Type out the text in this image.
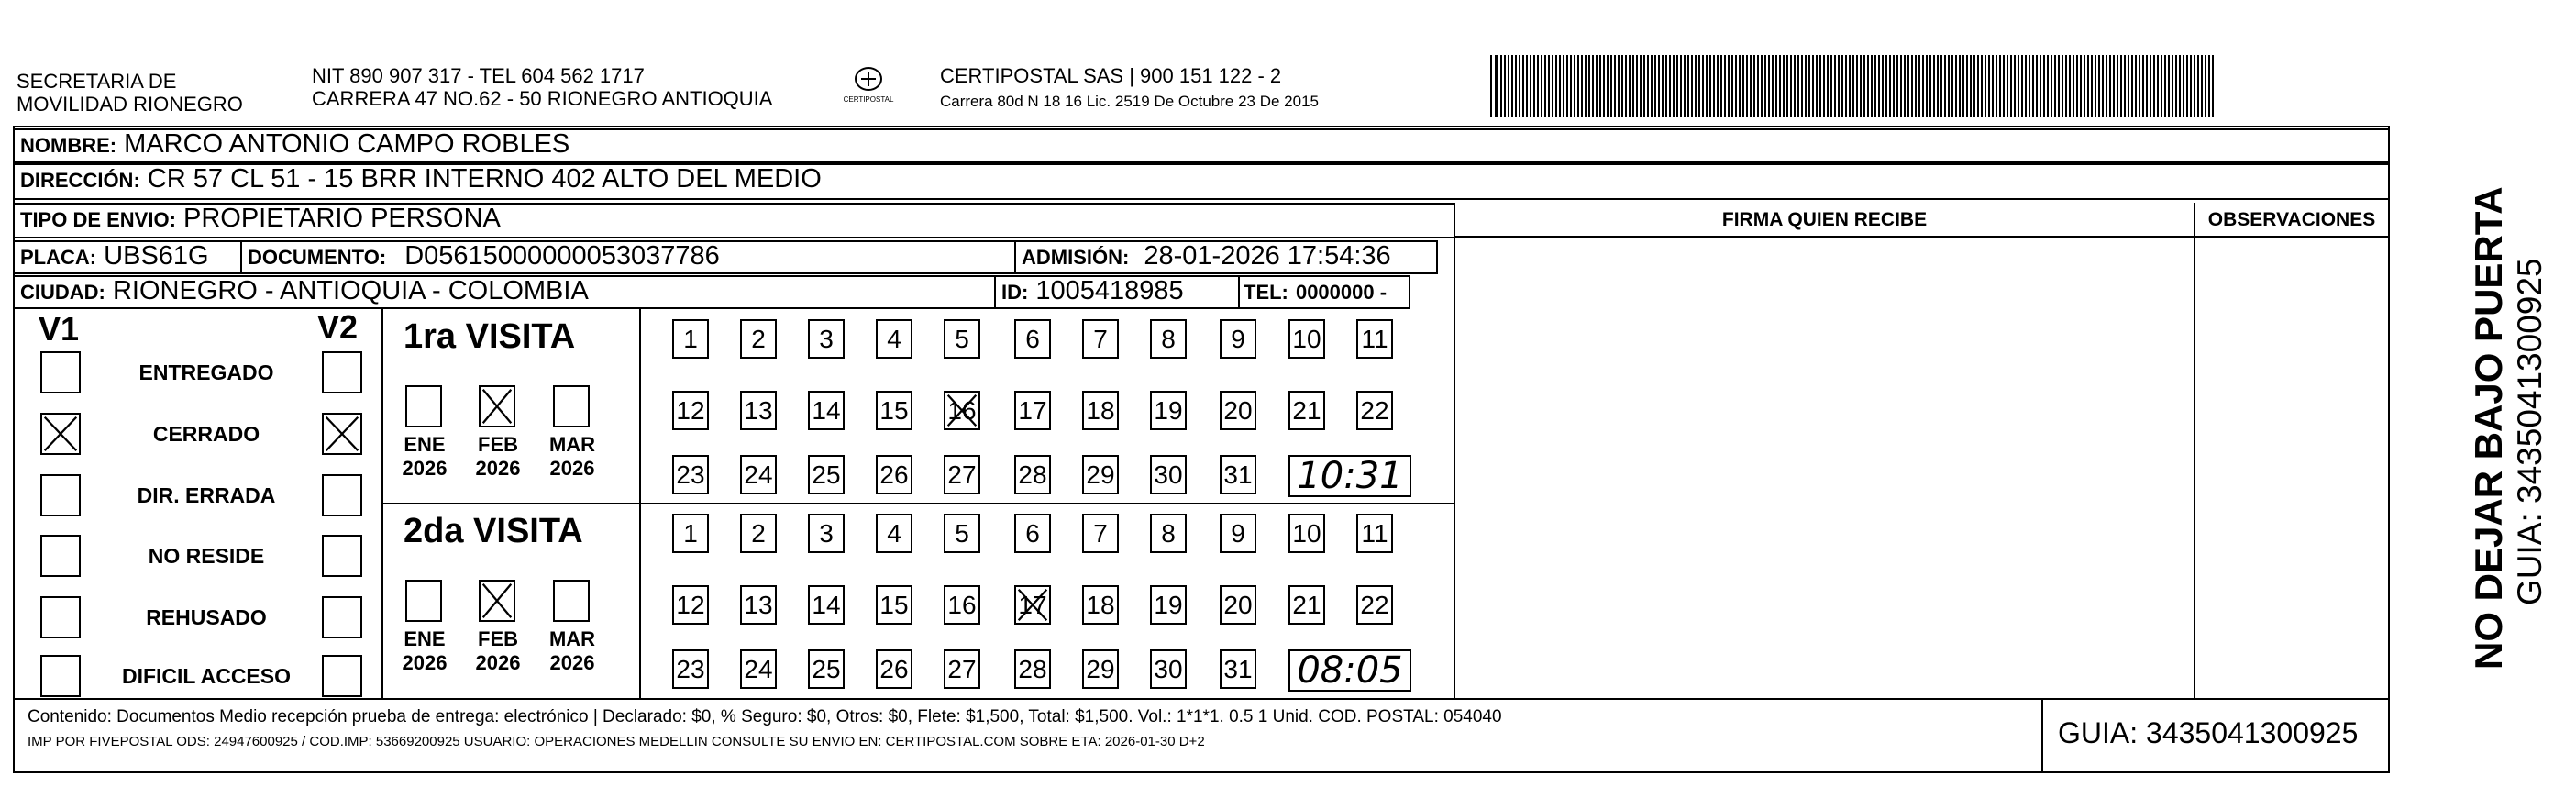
SECRETARIA DE
MOVILIDAD RIONEGRO
NIT 890 907 317 - TEL 604 562 1717
CARRERA 47 NO.62 - 50 RIONEGRO ANTIOQUIA	CERTIPOSTAL
CERTIPOSTAL SAS | 900 151 122 - 2
Carrera 80d N 18 16 Lic. 2519 De Octubre 23 De 2015
NOMBRE: MARCO ANTONIO CAMPO ROBLES
DIRECCIÓN: CR 57 CL 51 - 15 BRR INTERNO 402 ALTO DEL MEDIO
TIPO DE ENVIO: PROPIETARIO PERSONA
PLACA: UBS61G	DOCUMENTO: D05615000000053037786	ADMISIÓN: 28-01-2026 17:54:36
CIUDAD: RIONEGRO - ANTIOQUIA - COLOMBIA	ID: 1005418985	TEL: 0000000 -
FIRMA QUIEN RECIBE	OBSERVACIONES
V1	V2
ENTREGADO
CERRADO
DIR. ERRADA
NO RESIDE
REHUSADO
DIFICIL ACCESO
1ra VISITA
ENE
2026
FEB
2026
MAR
2026
1	2	3	4	5	6	7	8	9	10 11
12 13 14 15 16 17 18 19 20 21 22
23 24 25 26 27 28 29 30 31 10:31
2da VISITA
ENE
2026
FEB
2026
MAR
2026
1	2	3	4	5	6	7	8	9	10 11
12 13 14 15 16 17 18 19 20 21 22
23 24 25 26 27 28 29 30 31 08:05
Contenido: Documentos Medio recepción prueba de entrega: electrónico | Declarado: $0, % Seguro: $0, Otros: $0, Flete: $1,500, Total: $1,500. Vol.: 1*1*1. 0.5 1 Unid. COD. POSTAL: 054040
IMP POR FIVEPOSTAL ODS: 24947600925 / COD.IMP: 53669200925 USUARIO: OPERACIONES MEDELLIN CONSULTE SU ENVIO EN: CERTIPOSTAL.COM SOBRE ETA: 2026-01-30 D+2	GUIA: 3435041300925
NO DEJAR BAJO PUERTA GUIA: 3435041300925
